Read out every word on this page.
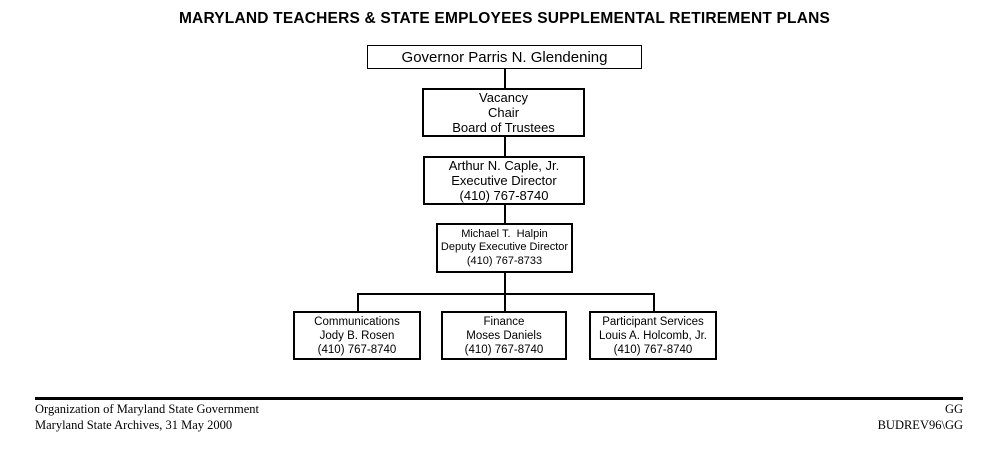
MARYLAND TEACHERS & STATE EMPLOYEES SUPPLEMENTAL RETIREMENT PLANS
Governor Parris N. Glendening
Vacancy
Chair
Board of Trustees
Arthur N. Caple, Jr.
Executive Director
(410) 767-8740
Michael T.  Halpin
Deputy Executive Director
(410) 767-8733
Communications
Jody B. Rosen
(410) 767-8740
Finance
Moses Daniels
(410) 767-8740
Participant Services
Louis A. Holcomb, Jr.
(410) 767-8740
Organization of Maryland State Government
Maryland State Archives, 31 May 2000
GG
BUDREV96\GG
